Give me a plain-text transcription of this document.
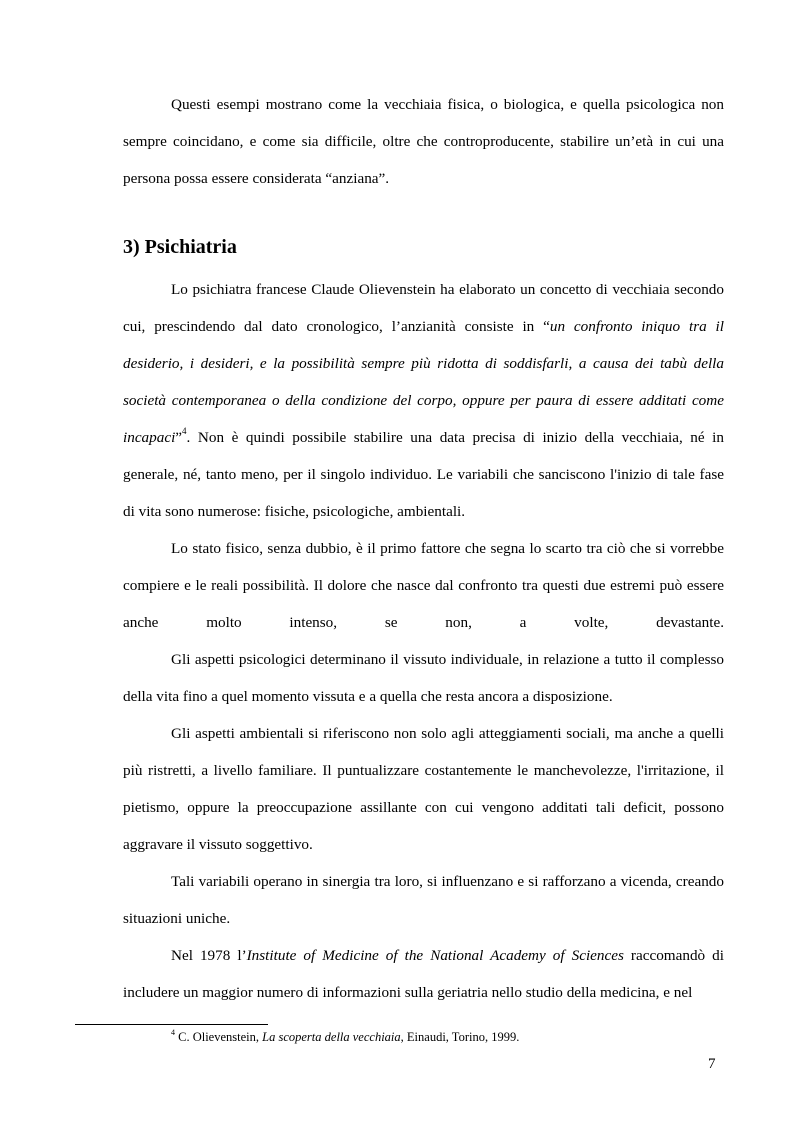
Questi esempi mostrano come la vecchiaia fisica, o biologica, e quella psicologica non sempre coincidano, e come sia difficile, oltre che controproducente, stabilire un’età in cui una persona possa essere considerata “anziana”.

3) Psichiatria

Lo psichiatra francese Claude Olievenstein ha elaborato un concetto di vecchiaia secondo cui, prescindendo dal dato cronologico, l’anzianità consiste in “un confronto iniquo tra il desiderio, i desideri, e la possibilità sempre più ridotta di soddisfarli, a causa dei tabù della società contemporanea o della condizione del corpo, oppure per paura di essere additati come incapaci”$^4$. Non è quindi possibile stabilire una data precisa di inizio della vecchiaia, né in generale, né, tanto meno, per il singolo individuo. Le variabili che sanciscono l'inizio di tale fase di vita sono numerose: fisiche, psicologiche, ambientali.

Lo stato fisico, senza dubbio, è il primo fattore che segna lo scarto tra ciò che si vorrebbe compiere e le reali possibilità. Il dolore che nasce dal confronto tra questi due estremi può essere anche molto intenso, se non, a volte, devastante.
Gli aspetti psicologici determinano il vissuto individuale, in relazione a tutto il complesso della vita fino a quel momento vissuta e a quella che resta ancora a disposizione.
Gli aspetti ambientali si riferiscono non solo agli atteggiamenti sociali, ma anche a quelli più ristretti, a livello familiare. Il puntualizzare costantemente le manchevolezze, l'irritazione, il pietismo, oppure la preoccupazione assillante con cui vengono additati tali deficit, possono aggravare il vissuto soggettivo.

Tali variabili operano in sinergia tra loro, si influenzano e si rafforzano a vicenda, creando situazioni uniche.

Nel 1978 l’Institute of Medicine of the National Academy of Sciences raccomandò di includere un maggior numero di informazioni sulla geriatria nello studio della medicina, e nel

$^4$ C. Olievenstein, La scoperta della vecchiaia, Einaudi, Torino, 1999.
7
